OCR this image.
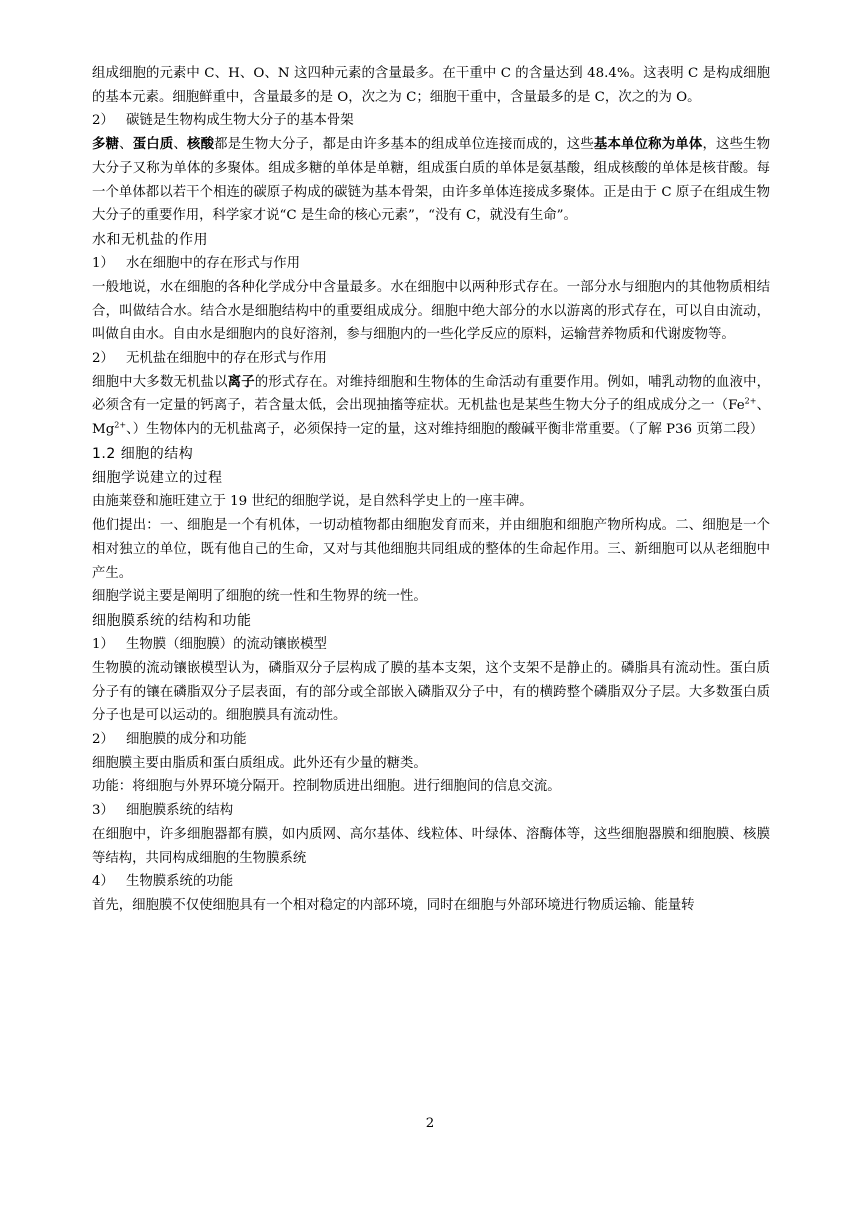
组成细胞的元素中 C、H、O、N 这四种元素的含量最多。在干重中 C 的含量达到 48.4%。这表明 C 是构成细胞的基本元素。细胞鲜重中，含量最多的是 O，次之为 C；细胞干重中，含量最多的是 C，次之的为 O。

2） 碳链是生物构成生物大分子的基本骨架

多糖、蛋白质、核酸都是生物大分子，都是由许多基本的组成单位连接而成的，这些基本单位称为单体，这些生物大分子又称为单体的多聚体。组成多糖的单体是单糖，组成蛋白质的单体是氨基酸，组成核酸的单体是核苷酸。每一个单体都以若干个相连的碳原子构成的碳链为基本骨架，由许多单体连接成多聚体。正是由于 C 原子在组成生物大分子的重要作用，科学家才说“C 是生命的核心元素”，“没有 C，就没有生命”。

水和无机盐的作用

1） 水在细胞中的存在形式与作用

一般地说，水在细胞的各种化学成分中含量最多。水在细胞中以两种形式存在。一部分水与细胞内的其他物质相结合，叫做结合水。结合水是细胞结构中的重要组成成分。细胞中绝大部分的水以游离的形式存在，可以自由流动，叫做自由水。自由水是细胞内的良好溶剂，参与细胞内的一些化学反应的原料，运输营养物质和代谢废物等。

2） 无机盐在细胞中的存在形式与作用

细胞中大多数无机盐以离子的形式存在。对维持细胞和生物体的生命活动有重要作用。例如，哺乳动物的血液中，必须含有一定量的钙离子，若含量太低，会出现抽搐等症状。无机盐也是某些生物大分子的组成成分之一（$Fe^{2+}$、$Mg^{2+}$、）生物体内的无机盐离子，必须保持一定的量，这对维持细胞的酸碱平衡非常重要。（了解 P36 页第二段）

1.2 细胞的结构

细胞学说建立的过程

由施莱登和施旺建立于 19 世纪的细胞学说，是自然科学史上的一座丰碑。

他们提出：一、细胞是一个有机体，一切动植物都由细胞发育而来，并由细胞和细胞产物所构成。二、细胞是一个相对独立的单位，既有他自己的生命，又对与其他细胞共同组成的整体的生命起作用。三、新细胞可以从老细胞中产生。

细胞学说主要是阐明了细胞的统一性和生物界的统一性。

细胞膜系统的结构和功能

1） 生物膜（细胞膜）的流动镶嵌模型

生物膜的流动镶嵌模型认为，磷脂双分子层构成了膜的基本支架，这个支架不是静止的。磷脂具有流动性。蛋白质分子有的镶在磷脂双分子层表面，有的部分或全部嵌入磷脂双分子中，有的横跨整个磷脂双分子层。大多数蛋白质分子也是可以运动的。细胞膜具有流动性。

2） 细胞膜的成分和功能

细胞膜主要由脂质和蛋白质组成。此外还有少量的糖类。

功能：将细胞与外界环境分隔开。控制物质进出细胞。进行细胞间的信息交流。

3） 细胞膜系统的结构

在细胞中，许多细胞器都有膜，如内质网、高尔基体、线粒体、叶绿体、溶酶体等，这些细胞器膜和细胞膜、核膜等结构，共同构成细胞的生物膜系统

4） 生物膜系统的功能

首先，细胞膜不仅使细胞具有一个相对稳定的内部环境，同时在细胞与外部环境进行物质运输、能量转

2
